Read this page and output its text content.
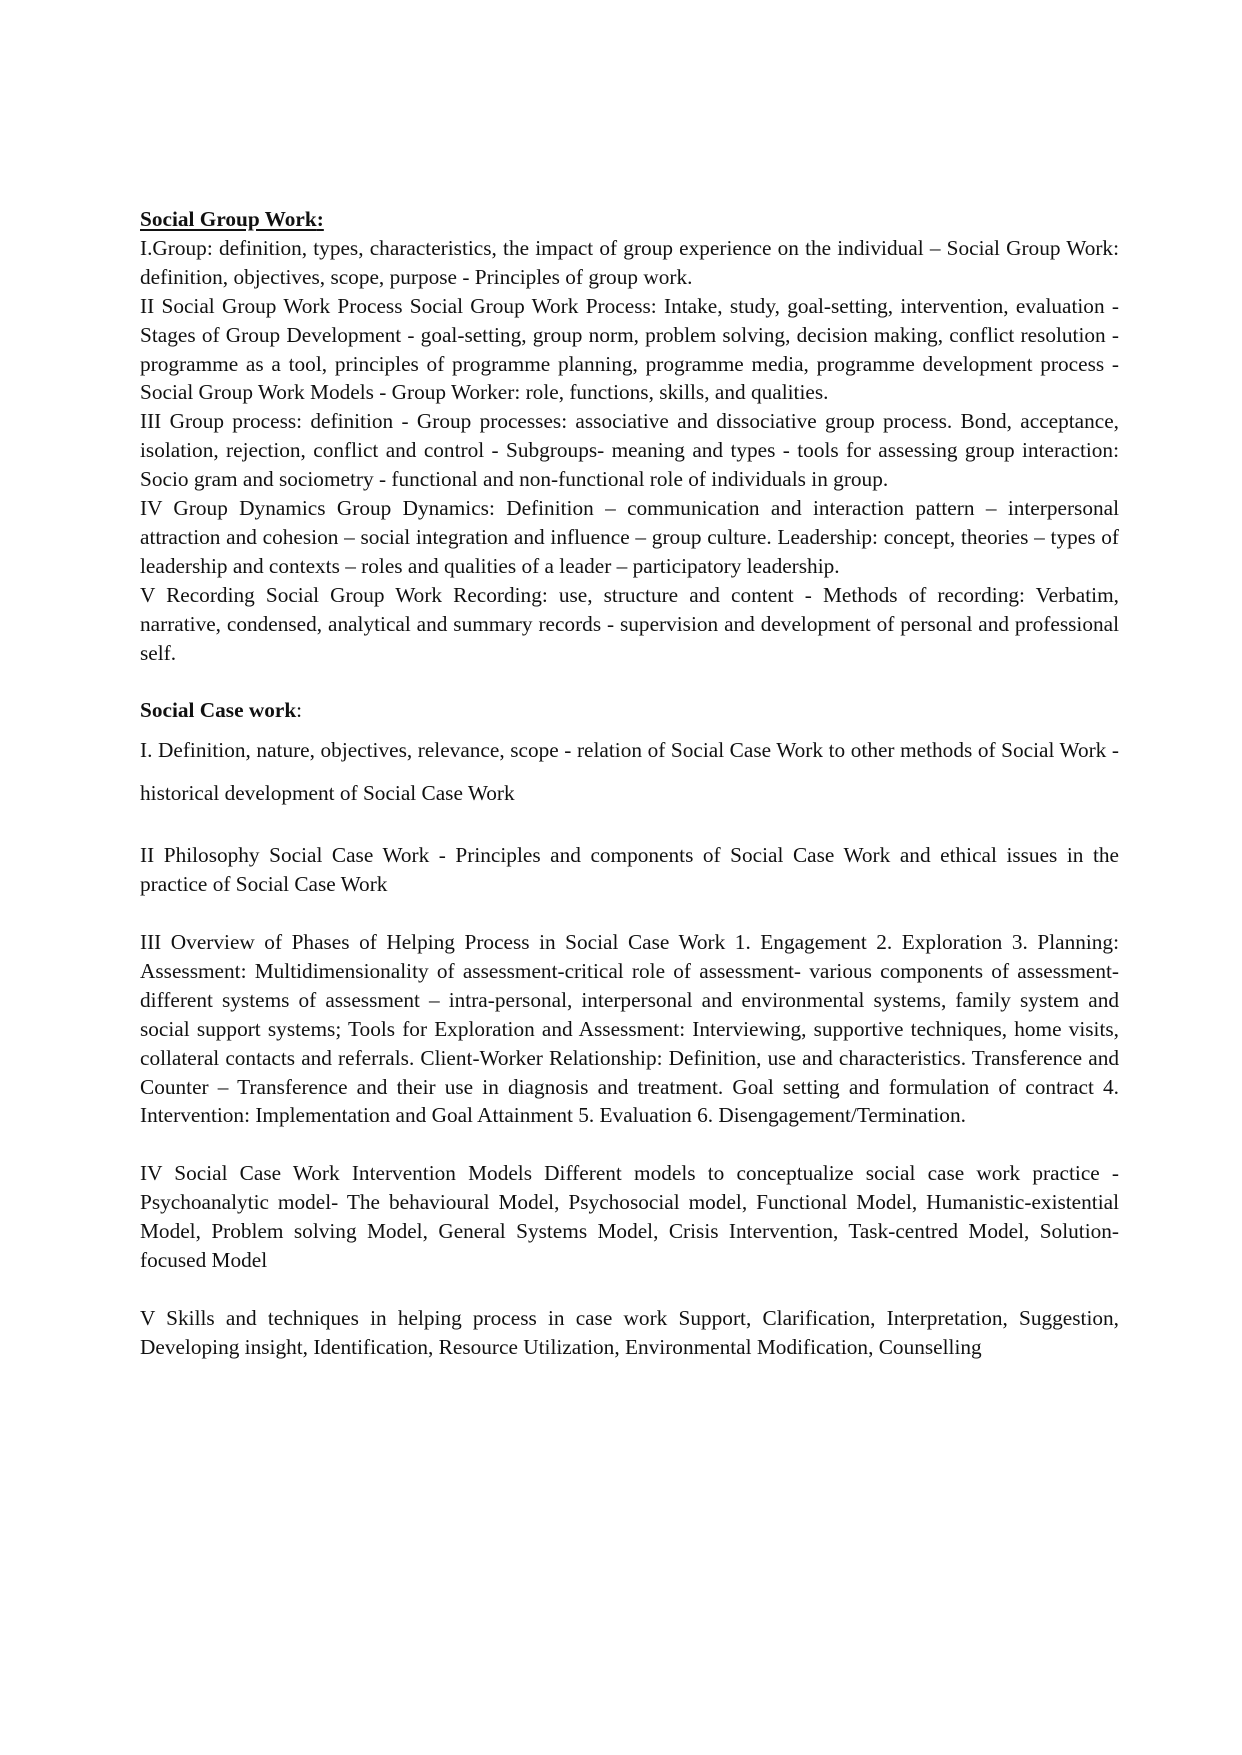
Social Group Work:

I.Group: definition, types, characteristics, the impact of group experience on the individual – Social Group Work: definition, objectives, scope, purpose - Principles of group work.

II Social Group Work Process Social Group Work Process: Intake, study, goal-setting, intervention, evaluation - Stages of Group Development - goal-setting, group norm, problem solving, decision making, conflict resolution - programme as a tool, principles of programme planning, programme media, programme development process - Social Group Work Models - Group Worker: role, functions, skills, and qualities.

III Group process: definition - Group processes: associative and dissociative group process. Bond, acceptance, isolation, rejection, conflict and control - Subgroups- meaning and types - tools for assessing group interaction: Socio gram and sociometry - functional and non-functional role of individuals in group.

IV Group Dynamics Group Dynamics: Definition – communication and interaction pattern – interpersonal attraction and cohesion – social integration and influence – group culture. Leadership: concept, theories – types of leadership and contexts – roles and qualities of a leader – participatory leadership.

V Recording Social Group Work Recording: use, structure and content - Methods of recording: Verbatim, narrative, condensed, analytical and summary records - supervision and development of personal and professional self.

Social Case work:

I. Definition, nature, objectives, relevance, scope - relation of Social Case Work to other methods of Social Work - historical development of Social Case Work

II Philosophy Social Case Work - Principles and components of Social Case Work and ethical issues in the practice of Social Case Work

III Overview of Phases of Helping Process in Social Case Work 1. Engagement 2. Exploration 3. Planning: Assessment: Multidimensionality of assessment-critical role of assessment- various components of assessment- different systems of assessment – intra-personal, interpersonal and environmental systems, family system and social support systems; Tools for Exploration and Assessment: Interviewing, supportive techniques, home visits, collateral contacts and referrals. Client-Worker Relationship: Definition, use and characteristics. Transference and Counter – Transference and their use in diagnosis and treatment. Goal setting and formulation of contract 4. Intervention: Implementation and Goal Attainment 5. Evaluation 6. Disengagement/Termination.

IV Social Case Work Intervention Models Different models to conceptualize social case work practice - Psychoanalytic model- The behavioural Model, Psychosocial model, Functional Model, Humanistic-existential Model, Problem solving Model, General Systems Model, Crisis Intervention, Task-centred Model, Solution-focused Model

V Skills and techniques in helping process in case work Support, Clarification, Interpretation, Suggestion, Developing insight, Identification, Resource Utilization, Environmental Modification, Counselling
